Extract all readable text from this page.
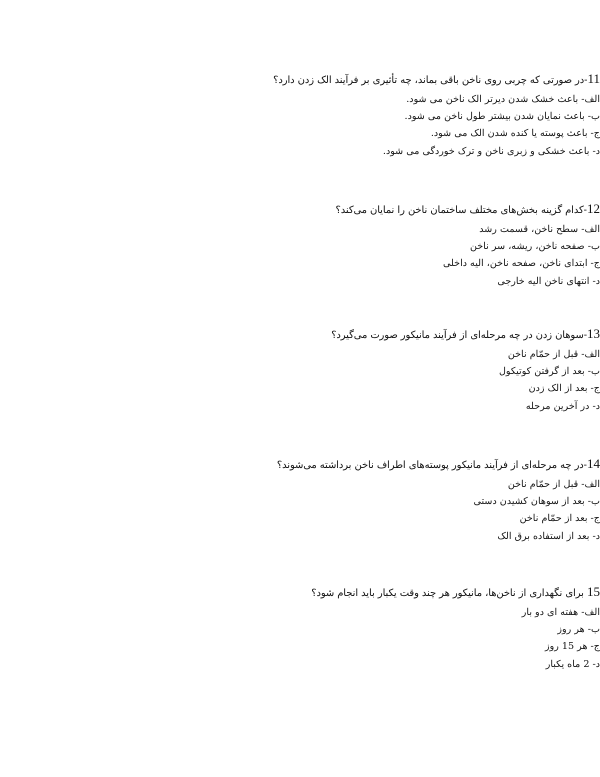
11-در صورتی که چربی روی ناخن باقی بماند، چه تأثیری بر فرآیند الک زدن دارد؟
الف- باعث خشک شدن دیرتر الک ناخن می شود.
ب- باعث نمایان شدن بیشتر طول ناخن می شود.
ج- باعث پوسته یا کنده شدن الک می شود.
د- باعث خشکی و زبری ناخن و ترک خوردگی می شود.
12-کدام گزینه بخش‌های مختلف ساختمان ناخن را نمایان می‌کند؟
الف- سطح ناخن، قسمت رشد
ب- صفحه ناخن، ریشه، سر ناخن
ج- ابتدای ناخن، صفحه ناخن، الیه داخلی
د- انتهای ناخن الیه خارجی
13-سوهان زدن در چه مرحله‌ای از فرآیند مانیکور صورت می‌گیرد؟
الف- قبل از حمّام ناخن
ب- بعد از گرفتن کوتیکول
ج- بعد از الک زدن
د- در آخرین مرحله
14-در چه مرحله‌ای از فرآیند مانیکور پوسته‌های اطراف ناخن برداشته می‌شوند؟
الف- قبل از حمّام ناخن
ب- بعد از سوهان کشیدن دستی
ج- بعد از حمّام ناخن
د- بعد از استفاده برق الک
15 برای نگهداری از ناخن‌ها، مانیکور هر چند وقت یکبار باید انجام شود؟
الف- هفته ای دو بار
ب- هر روز
ج- هر 15 روز
د- 2 ماه یکبار
